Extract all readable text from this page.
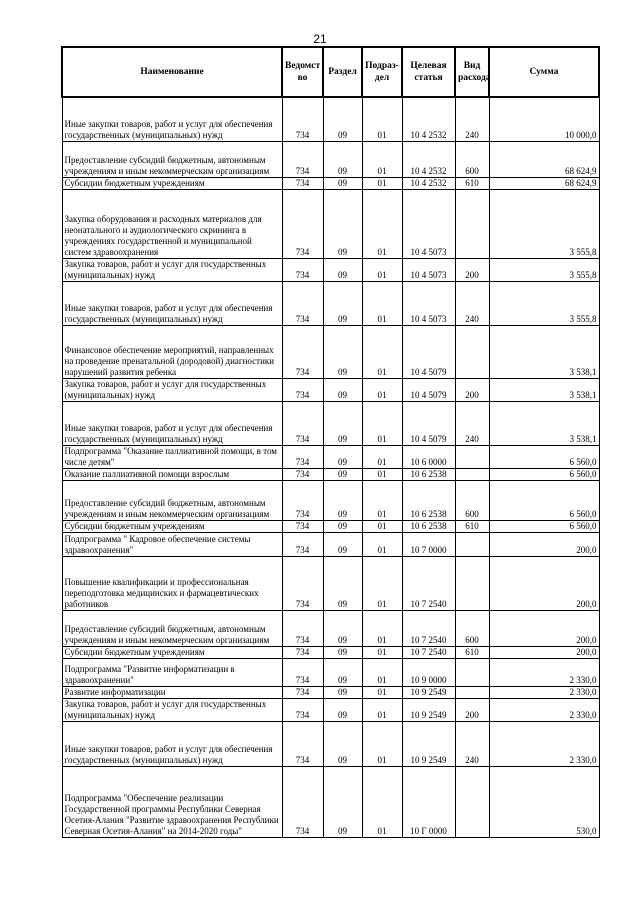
21
Наименование	Ведомст во	Раздел	Подраз- дел	Целевая статья	Вид расхода	Сумма
Иные закупки товаров, работ и услуг для обеспечения государственных (муниципальных) нужд	734	09	01	10 4 2532	240	10 000,0
Предоставление субсидий бюджетным, автономным учреждениям и иным некоммерческим организациям	734	09	01	10 4 2532	600	68 624,9
Субсидии бюджетным учреждениям	734	09	01	10 4 2532	610	68 624,9
Закупка оборудования и расходных материалов для неонатального и аудиологического скрининга в учреждениях государственной и муниципальной систем здравоохранения	734	09	01	10 4 5073		3 555,8
Закупка товаров, работ и услуг для государственных (муниципальных) нужд	734	09	01	10 4 5073	200	3 555,8
Иные закупки товаров, работ и услуг для обеспечения государственных (муниципальных) нужд	734	09	01	10 4 5073	240	3 555,8
Финансовое обеспечение мероприятий, направленных на проведение пренатальной (дородовой) диагностики нарушений развития ребенка	734	09	01	10 4 5079		3 538,1
Закупка товаров, работ и услуг для государственных (муниципальных) нужд	734	09	01	10 4 5079	200	3 538,1
Иные закупки товаров, работ и услуг для обеспечения государственных (муниципальных) нужд	734	09	01	10 4 5079	240	3 538,1
Подпрограмма "Оказание паллиативной помощи, в том числе детям"	734	09	01	10 6 0000		6 560,0
Оказание паллиативной помощи взрослым	734	09	01	10 6 2538		6 560,0
Предоставление субсидий бюджетным, автономным учреждениям и иным некоммерческим организациям	734	09	01	10 6 2538	600	6 560,0
Субсидии бюджетным учреждениям	734	09	01	10 6 2538	610	6 560,0
Подпрограмма " Кадровое обеспечение системы здравоохранения"	734	09	01	10 7 0000		200,0
Повышение квалификации и профессиональная переподготовка медицинских и фармацевтических работников	734	09	01	10 7 2540		200,0
Предоставление субсидий бюджетным, автономным учреждениям и иным некоммерческим организациям	734	09	01	10 7 2540	600	200,0
Субсидии бюджетным учреждениям	734	09	01	10 7 2540	610	200,0
Подпрограмма "Развитие информатизации в здравоохранении"	734	09	01	10 9 0000		2 330,0
Развитие информатизации	734	09	01	10 9 2549		2 330,0
Закупка товаров, работ и услуг для государственных (муниципальных) нужд	734	09	01	10 9 2549	200	2 330,0
Иные закупки товаров, работ и услуг для обеспечения государственных (муниципальных) нужд	734	09	01	10 9 2549	240	2 330,0
Подпрограмма "Обеспечение реализации Государственной программы Республики Северная Осетия-Алания "Развитие здравоохранения Республики Северная Осетия-Алания" на 2014-2020 годы"	734	09	01	10 Г 0000		530,0
